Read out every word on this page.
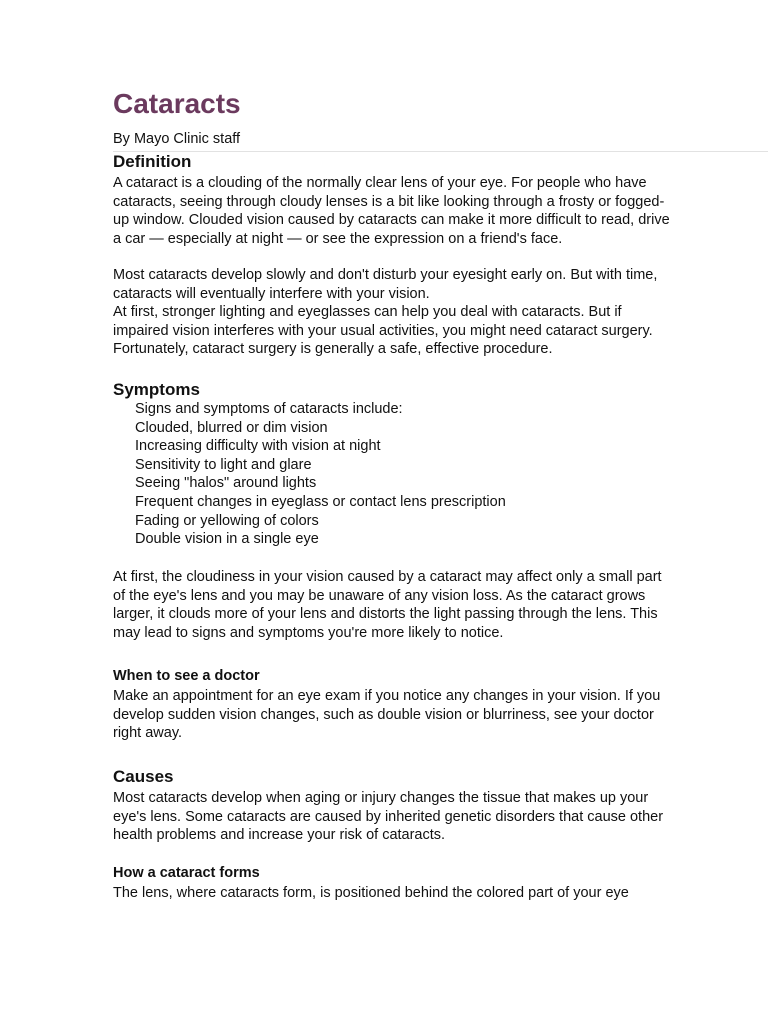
Cataracts
By Mayo Clinic staff
Definition

A cataract is a clouding of the normally clear lens of your eye. For people who have cataracts, seeing through cloudy lenses is a bit like looking through a frosty or fogged-up window. Clouded vision caused by cataracts can make it more difficult to read, drive a car — especially at night — or see the expression on a friend's face.

Most cataracts develop slowly and don't disturb your eyesight early on. But with time, cataracts will eventually interfere with your vision.

At first, stronger lighting and eyeglasses can help you deal with cataracts. But if impaired vision interferes with your usual activities, you might need cataract surgery. Fortunately, cataract surgery is generally a safe, effective procedure.

Symptoms
Signs and symptoms of cataracts include:
Clouded, blurred or dim vision
Increasing difficulty with vision at night
Sensitivity to light and glare
Seeing "halos" around lights
Frequent changes in eyeglass or contact lens prescription
Fading or yellowing of colors
Double vision in a single eye

At first, the cloudiness in your vision caused by a cataract may affect only a small part of the eye's lens and you may be unaware of any vision loss. As the cataract grows larger, it clouds more of your lens and distorts the light passing through the lens. This may lead to signs and symptoms you're more likely to notice.

When to see a doctor

Make an appointment for an eye exam if you notice any changes in your vision. If you develop sudden vision changes, such as double vision or blurriness, see your doctor right away.

Causes

Most cataracts develop when aging or injury changes the tissue that makes up your eye's lens. Some cataracts are caused by inherited genetic disorders that cause other health problems and increase your risk of cataracts.

How a cataract forms

The lens, where cataracts form, is positioned behind the colored part of your eye
